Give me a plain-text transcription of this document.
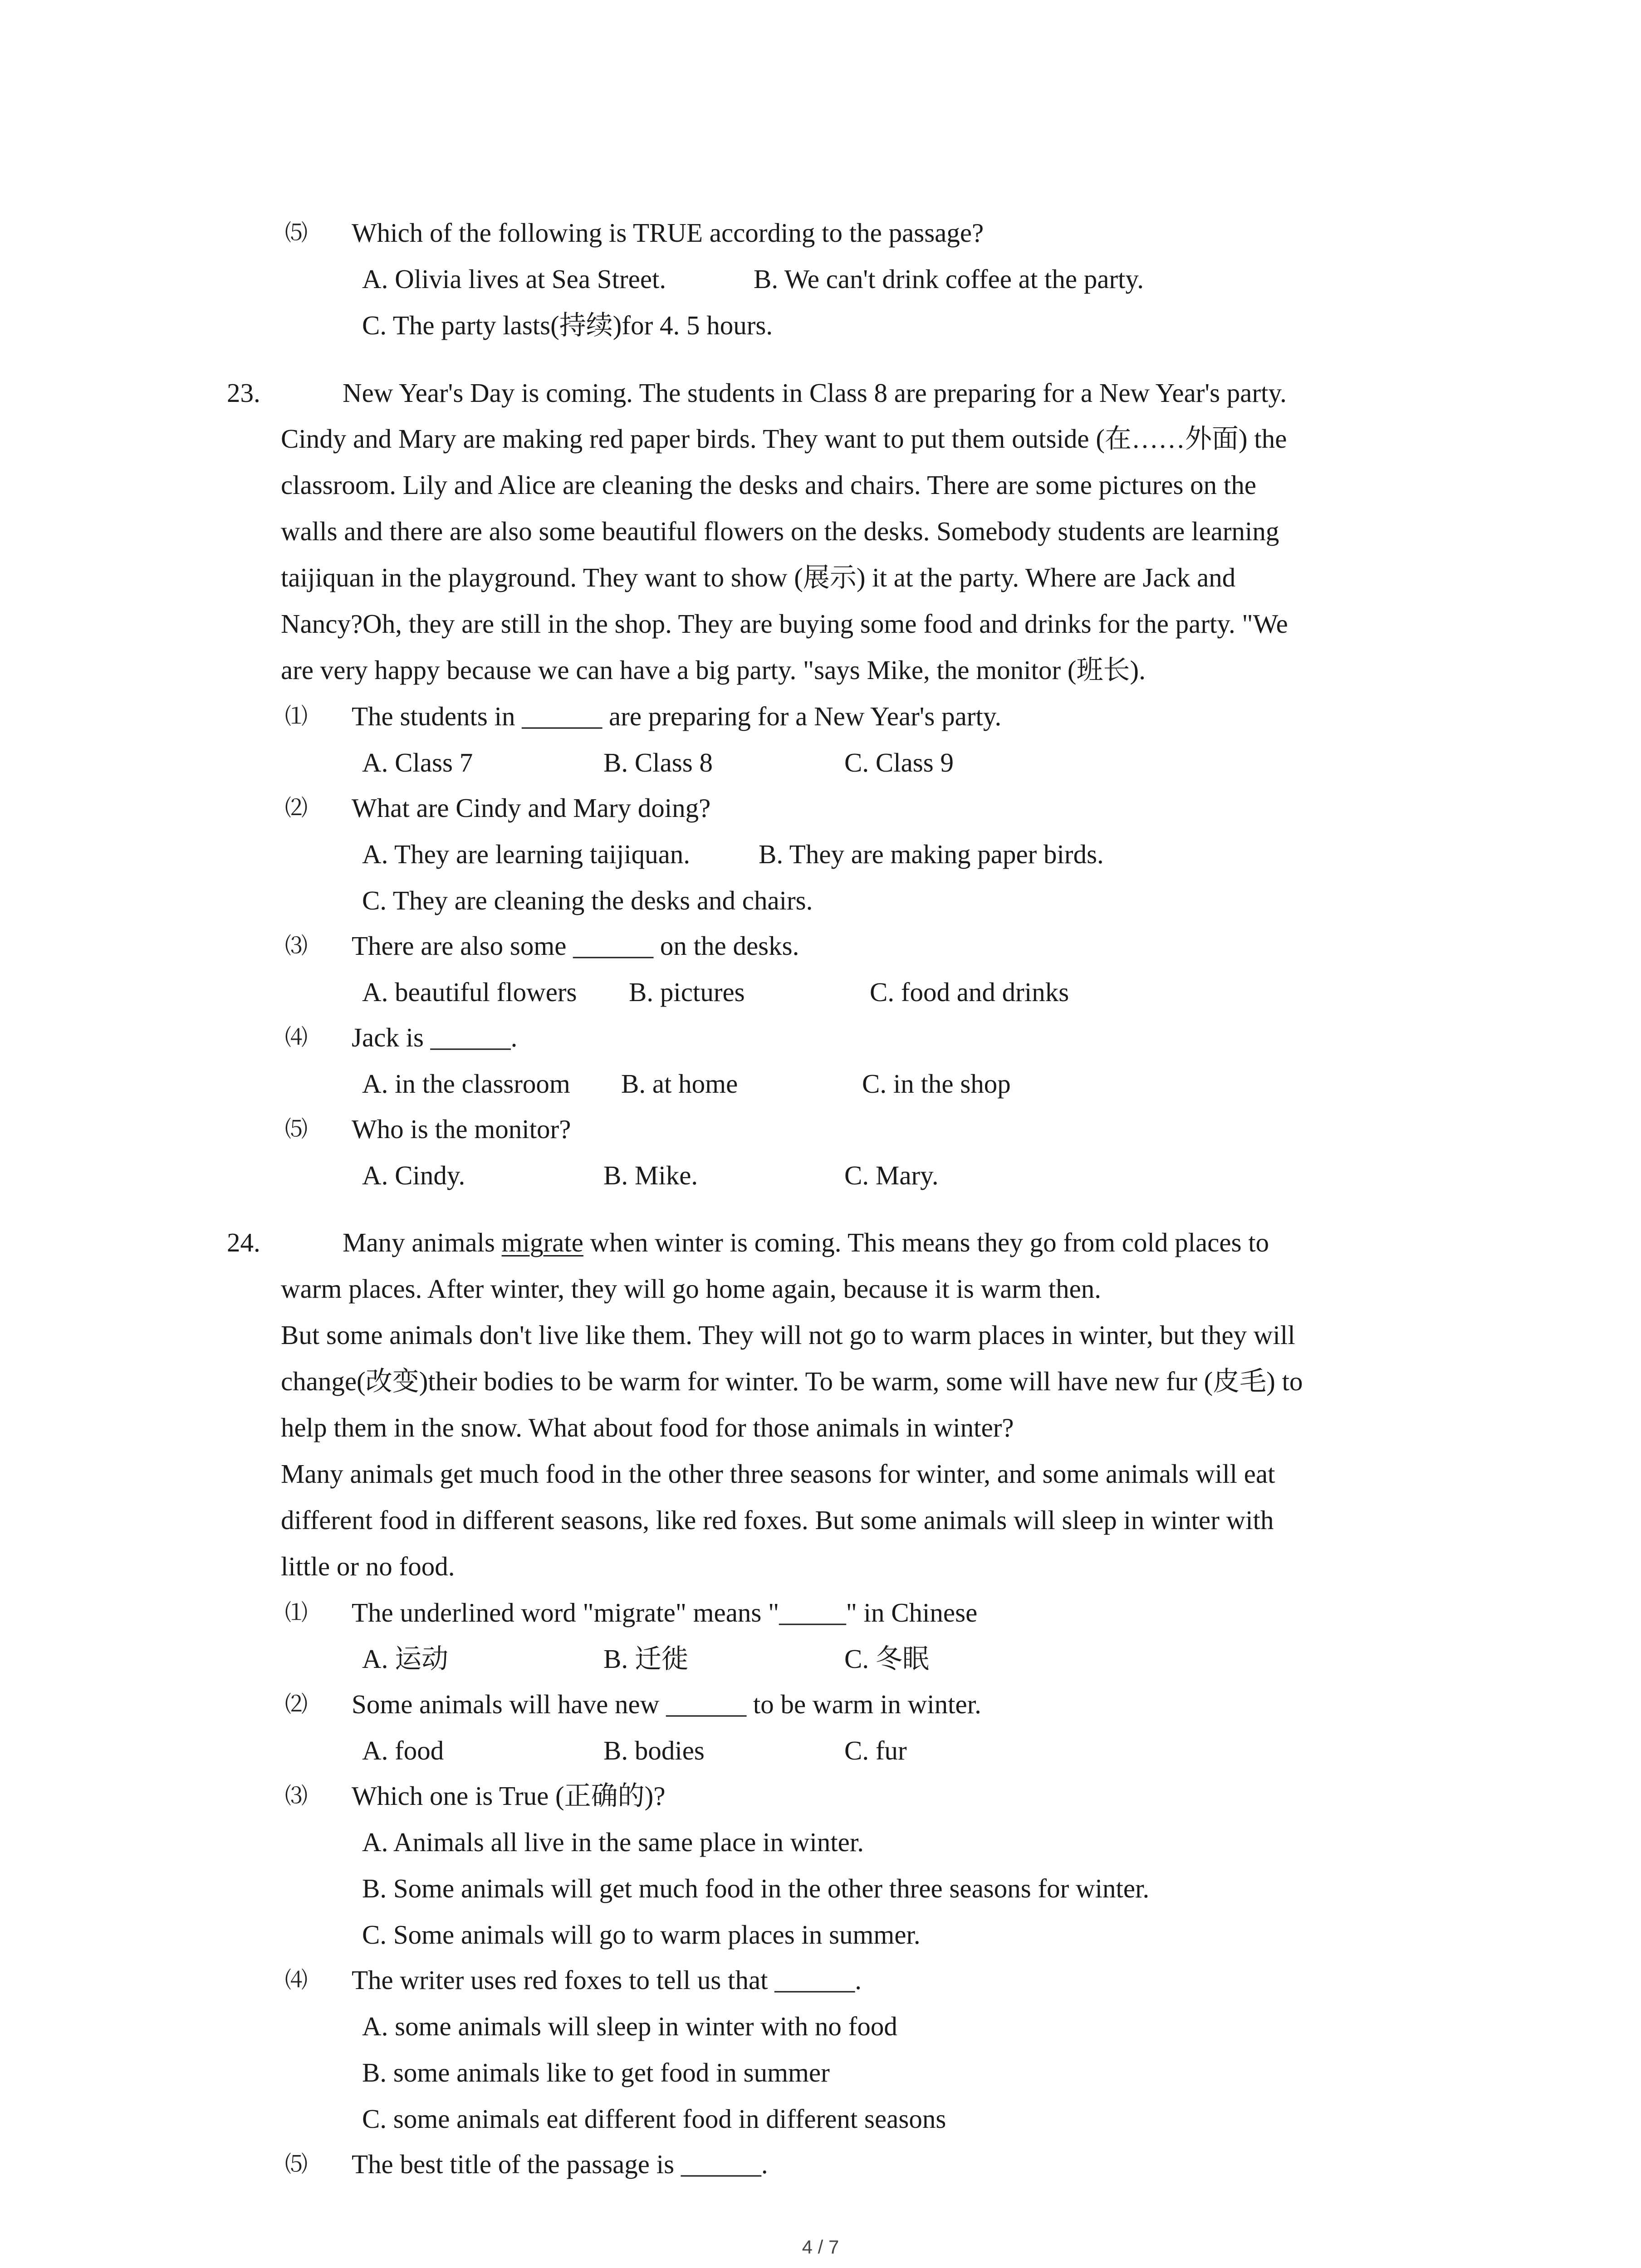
⑸ Which of the following is TRUE according to the passage?
A. Olivia lives at Sea Street.	B. We can't drink coffee at the party.
C. The party lasts(持续)for 4. 5 hours.
23.	New Year's Day is coming. The students in Class 8 are preparing for a New Year's party.
Cindy and Mary are making red paper birds. They want to put them outside (在……外面) the
classroom. Lily and Alice are cleaning the desks and chairs. There are some pictures on the
walls and there are also some beautiful flowers on the desks. Somebody students are learning
taijiquan in the playground. They want to show (展示) it at the party. Where are Jack and
Nancy?Oh, they are still in the shop. They are buying some food and drinks for the party. "We
are very happy because we can have a big party. "says Mike, the monitor (班长).
⑴ The students in ______ are preparing for a New Year's party.
A. Class 7	B. Class 8	C. Class 9
⑵ What are Cindy and Mary doing?
A. They are learning taijiquan.	B. They are making paper birds.
C. They are cleaning the desks and chairs.
⑶ There are also some ______ on the desks.
A. beautiful flowers B. pictures	C. food and drinks
⑷ Jack is ______.
A. in the classroom B. at home	C. in the shop
⑸ Who is the monitor?
A. Cindy.	B. Mike.	C. Mary.
24.	Many animals migrate when winter is coming. This means they go from cold places to
warm places. After winter, they will go home again, because it is warm then.
But some animals don't live like them. They will not go to warm places in winter, but they will
change(改变)their bodies to be warm for winter. To be warm, some will have new fur (皮毛) to
help them in the snow. What about food for those animals in winter?
Many animals get much food in the other three seasons for winter, and some animals will eat
different food in different seasons, like red foxes. But some animals will sleep in winter with
little or no food.
⑴ The underlined word "migrate" means "_____" in Chinese
A. 运动	B. 迁徙	C. 冬眠
⑵ Some animals will have new ______ to be warm in winter.
A. food	B. bodies	C. fur
⑶ Which one is True (正确的)?
A. Animals all live in the same place in winter.
B. Some animals will get much food in the other three seasons for winter.
C. Some animals will go to warm places in summer.
⑷ The writer uses red foxes to tell us that ______.
A. some animals will sleep in winter with no food
B. some animals like to get food in summer
C. some animals eat different food in different seasons
⑸ The best title of the passage is ______.
4 / 7
